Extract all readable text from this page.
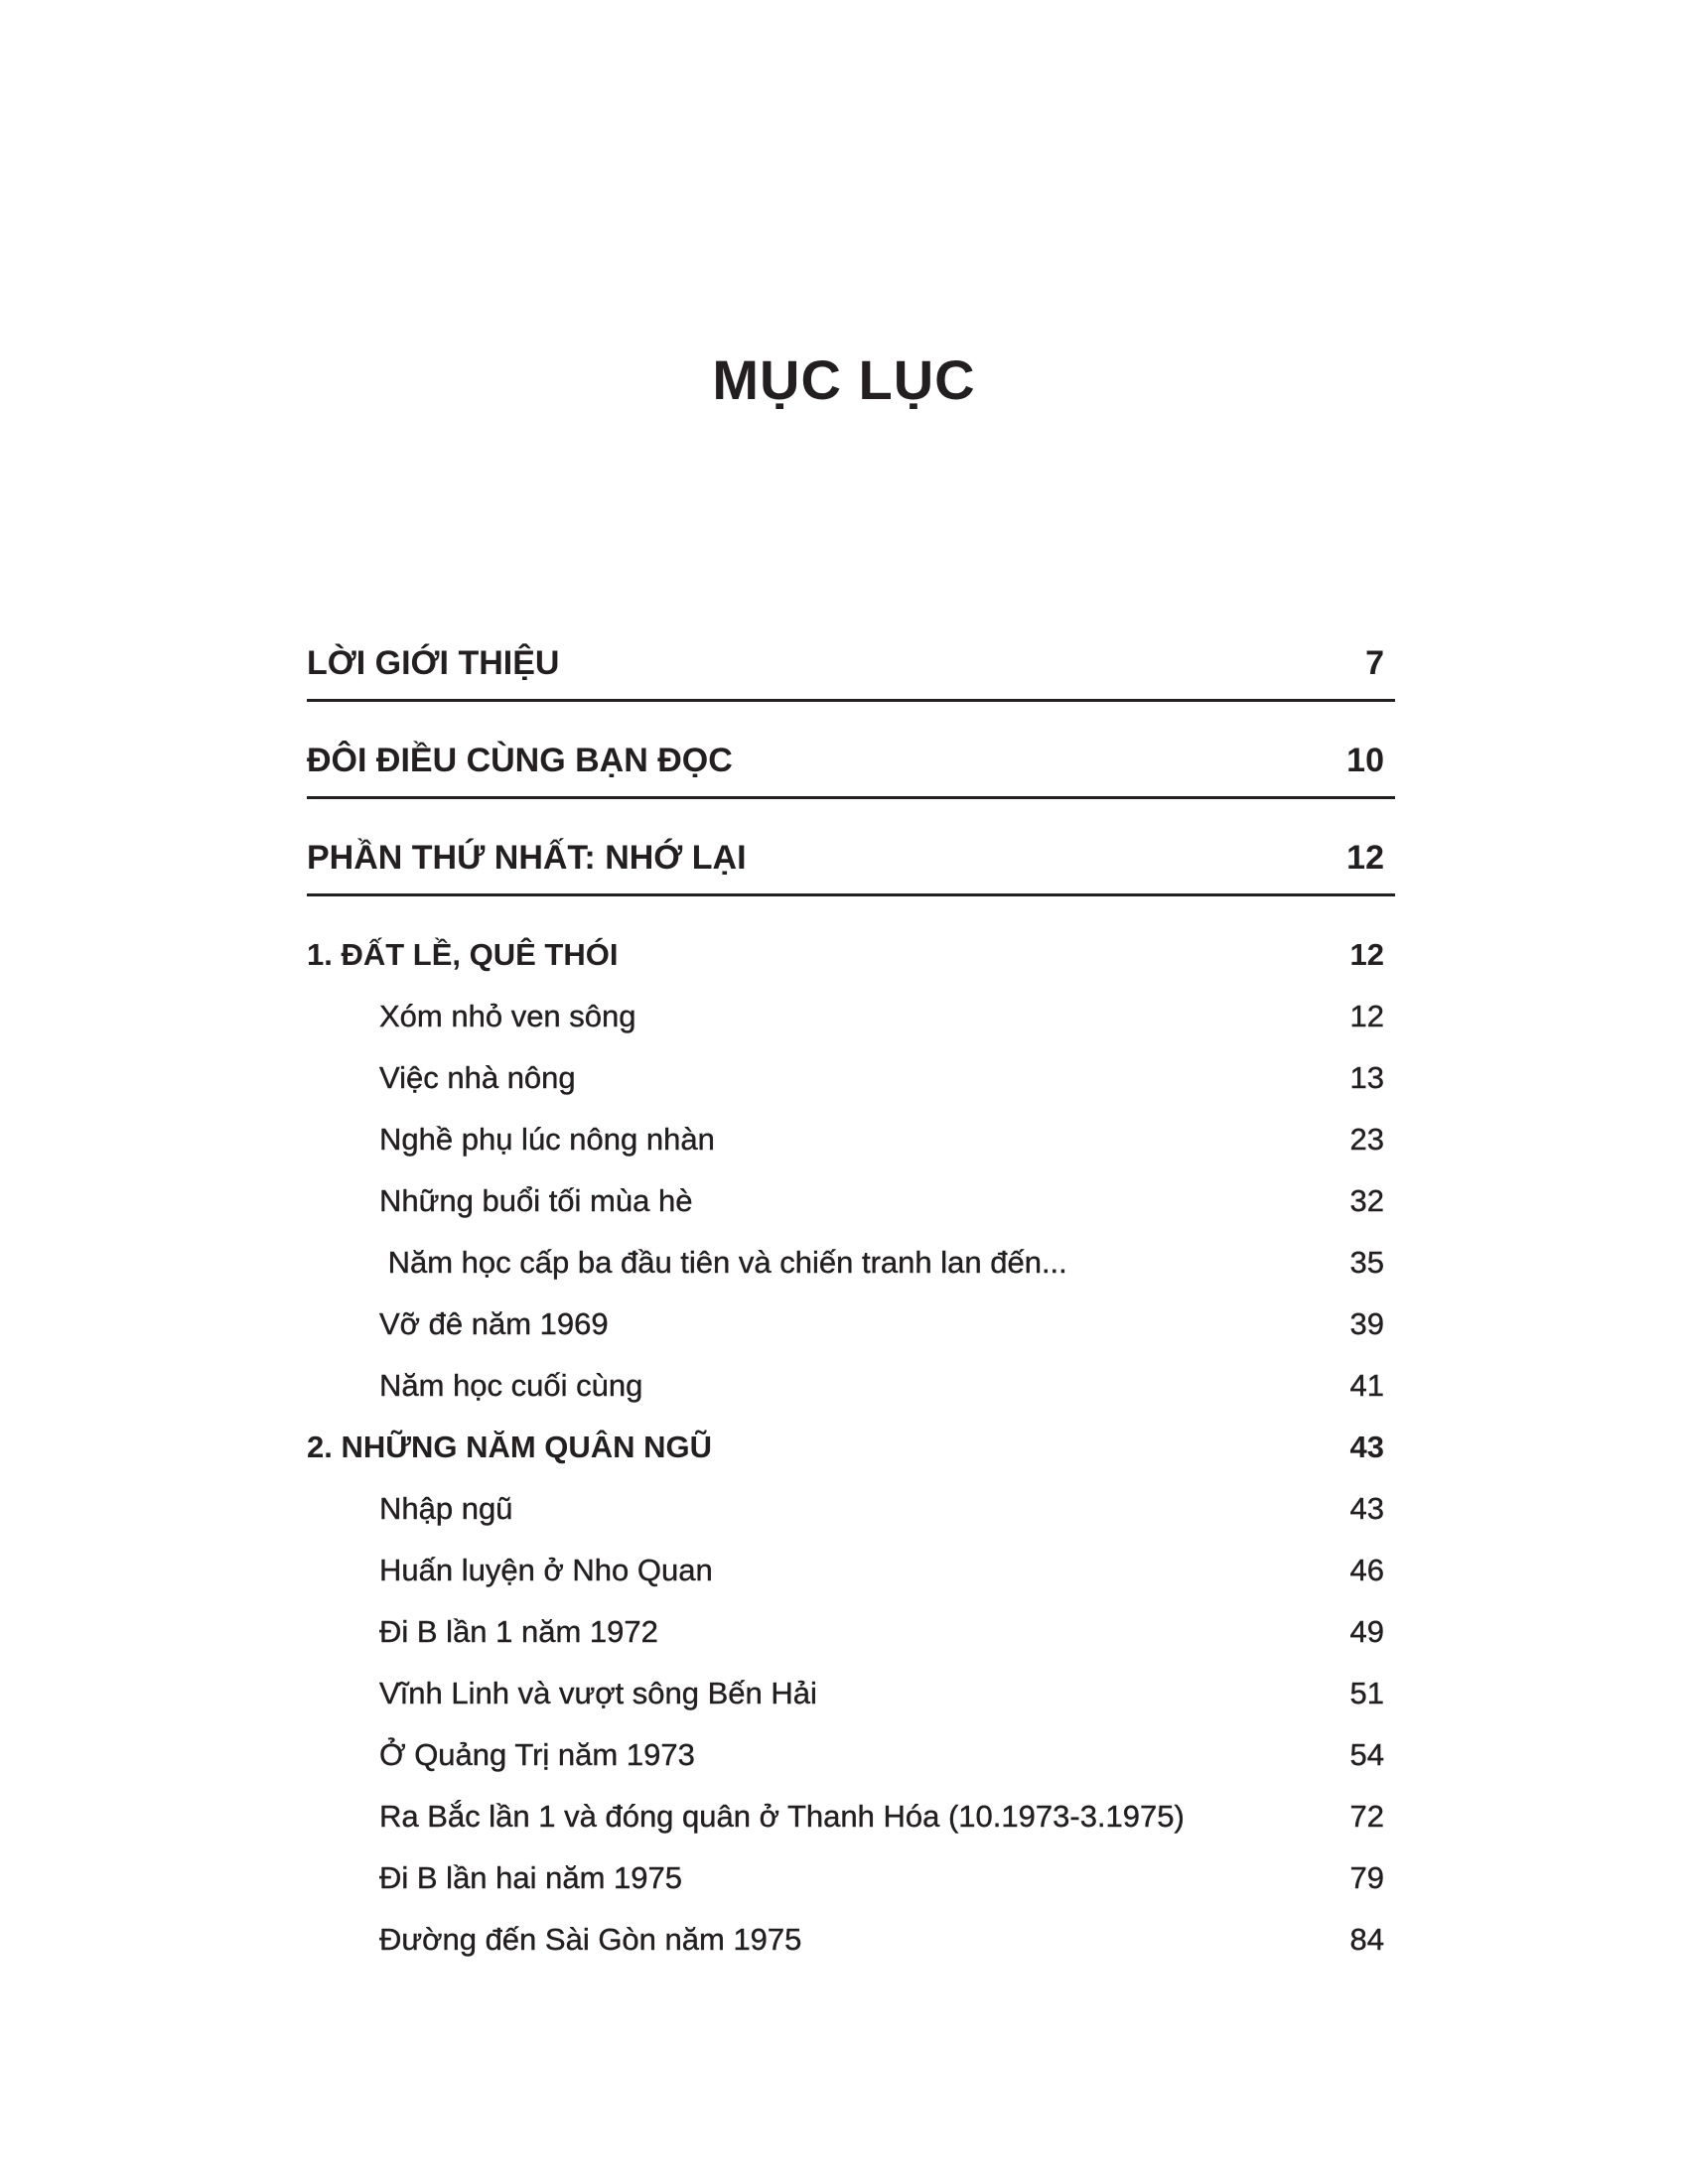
MỤC LỤC
LỜI GIỚI THIỆU	7
ĐÔI ĐIỀU CÙNG BẠN ĐỌC	10
PHẦN THỨ NHẤT: NHỚ LẠI	12
1. ĐẤT LỀ, QUÊ THÓI	12
Xóm nhỏ ven sông	12
Việc nhà nông	13
Nghề phụ lúc nông nhàn	23
Những buổi tối mùa hè	32
Năm học cấp ba đầu tiên và chiến tranh lan đến...	35
Vỡ đê năm 1969	39
Năm học cuối cùng	41
2. NHỮNG NĂM QUÂN NGŨ	43
Nhập ngũ	43
Huấn luyện ở Nho Quan	46
Đi B lần 1 năm 1972	49
Vĩnh Linh và vượt sông Bến Hải	51
Ở Quảng Trị năm 1973	54
Ra Bắc lần 1 và đóng quân ở Thanh Hóa (10.1973-3.1975)	72
Đi B lần hai năm 1975	79
Đường đến Sài Gòn năm 1975	84
